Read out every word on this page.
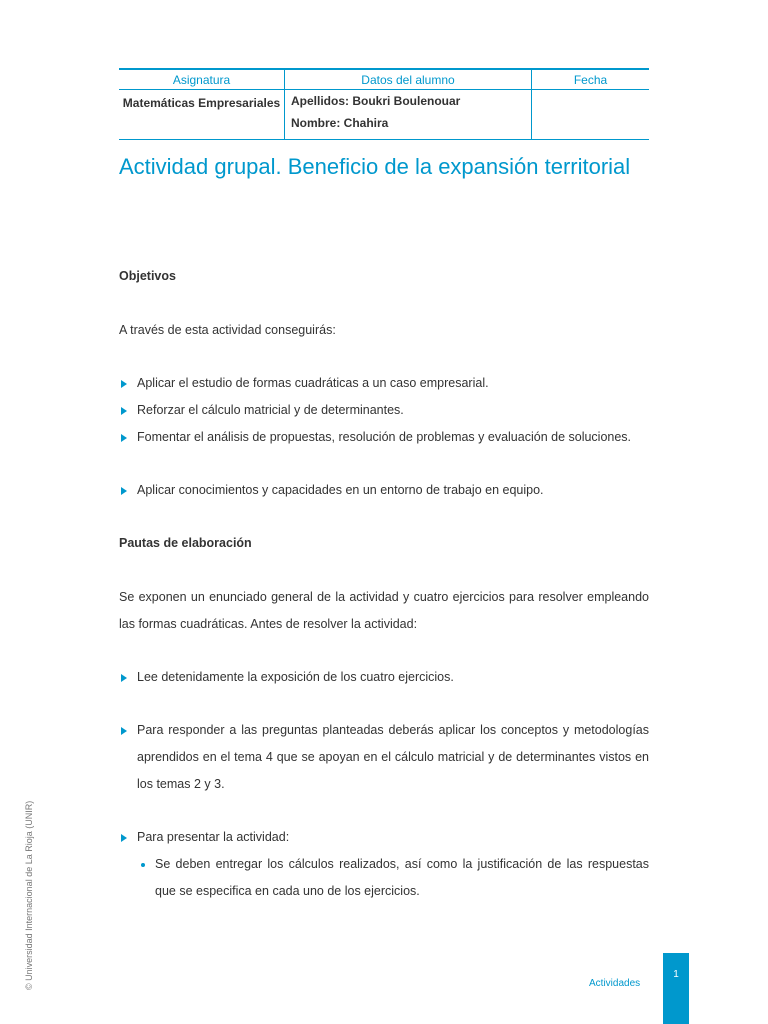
Asignatura	Datos del alumno	Fecha
Matemáticas Empresariales	Apellidos: Boukri Boulenouar
Nombre: Chahira	

Actividad grupal. Beneficio de la expansión territorial

Objetivos

A través de esta actividad conseguirás:

Aplicar el estudio de formas cuadráticas a un caso empresarial.
Reforzar el cálculo matricial y de determinantes.
Fomentar el análisis de propuestas, resolución de problemas y evaluación de soluciones.
Aplicar conocimientos y capacidades en un entorno de trabajo en equipo.

Pautas de elaboración

Se exponen un enunciado general de la actividad y cuatro ejercicios para resolver empleando las formas cuadráticas. Antes de resolver la actividad:

Lee detenidamente la exposición de los cuatro ejercicios.
Para responder a las preguntas planteadas deberás aplicar los conceptos y metodologías aprendidos en el tema 4 que se apoyan en el cálculo matricial y de determinantes vistos en los temas 2 y 3.
Para presentar la actividad:
Se deben entregar los cálculos realizados, así como la justificación de las respuestas que se especifica en cada uno de los ejercicios.
© Universidad Internacional de La Rioja (UNIR)	Actividades
1
